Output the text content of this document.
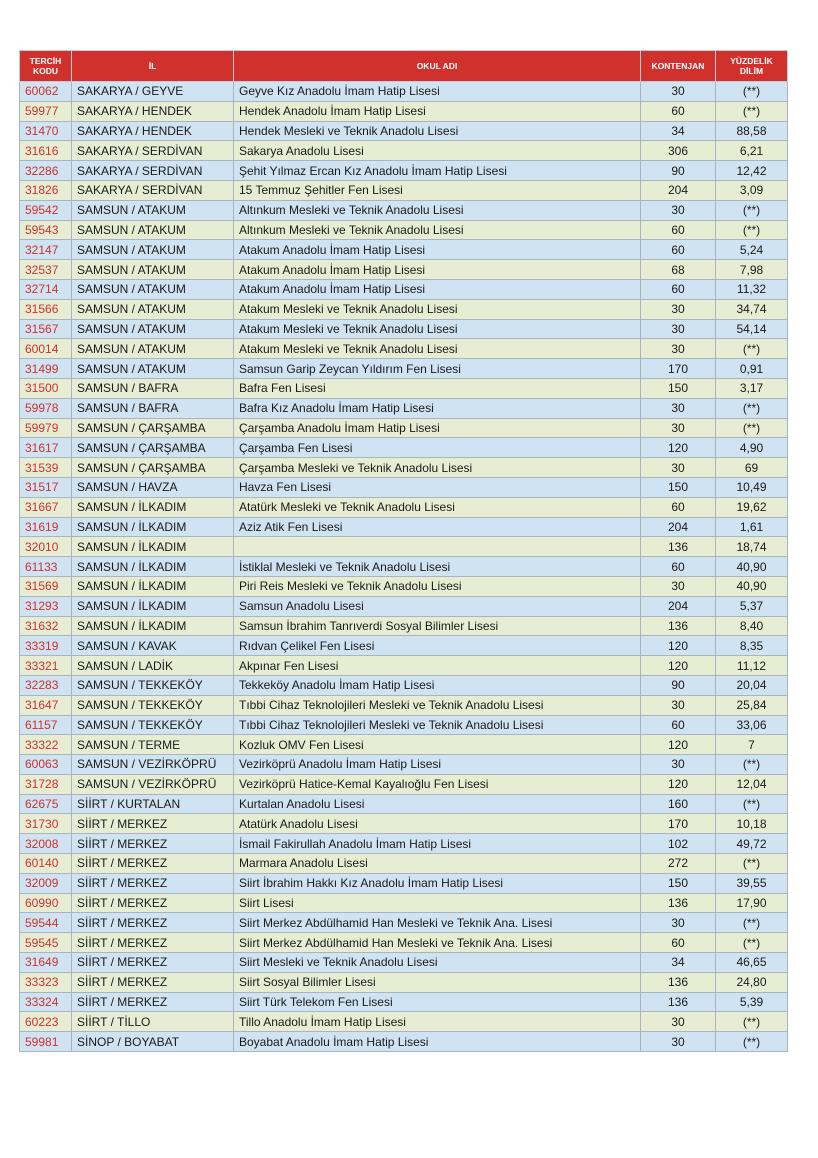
TERCİH
KODU	İL	OKUL ADI	KONTENJAN	YÜZDELİK
DİLİM

60062	SAKARYA / GEYVE	Geyve Kız Anadolu İmam Hatip Lisesi	30	(**)
59977	SAKARYA / HENDEK	Hendek Anadolu İmam Hatip Lisesi	60	(**)
31470	SAKARYA / HENDEK	Hendek Mesleki ve Teknik Anadolu Lisesi	34	88,58
31616	SAKARYA / SERDİVAN	Sakarya Anadolu Lisesi	306	6,21
32286	SAKARYA / SERDİVAN	Şehit Yılmaz Ercan Kız Anadolu İmam Hatip Lisesi	90	12,42
31826	SAKARYA / SERDİVAN	15 Temmuz Şehitler Fen Lisesi	204	3,09
59542	SAMSUN / ATAKUM	Altınkum Mesleki ve Teknik Anadolu Lisesi	30	(**)
59543	SAMSUN / ATAKUM	Altınkum Mesleki ve Teknik Anadolu Lisesi	60	(**)
32147	SAMSUN / ATAKUM	Atakum Anadolu İmam Hatip Lisesi	60	5,24
32537	SAMSUN / ATAKUM	Atakum Anadolu İmam Hatip Lisesi	68	7,98
32714	SAMSUN / ATAKUM	Atakum Anadolu İmam Hatip Lisesi	60	11,32
31566	SAMSUN / ATAKUM	Atakum Mesleki ve Teknik Anadolu Lisesi	30	34,74
31567	SAMSUN / ATAKUM	Atakum Mesleki ve Teknik Anadolu Lisesi	30	54,14
60014	SAMSUN / ATAKUM	Atakum Mesleki ve Teknik Anadolu Lisesi	30	(**)
31499	SAMSUN / ATAKUM	Samsun Garip Zeycan Yıldırım Fen Lisesi	170	0,91
31500	SAMSUN / BAFRA	Bafra Fen Lisesi	150	3,17
59978	SAMSUN / BAFRA	Bafra Kız Anadolu İmam Hatip Lisesi	30	(**)
59979	SAMSUN / ÇARŞAMBA	Çarşamba Anadolu İmam Hatip Lisesi	30	(**)
31617	SAMSUN / ÇARŞAMBA	Çarşamba Fen Lisesi	120	4,90
31539	SAMSUN / ÇARŞAMBA	Çarşamba Mesleki ve Teknik Anadolu Lisesi	30	69
31517	SAMSUN / HAVZA	Havza Fen Lisesi	150	10,49
31667	SAMSUN / İLKADIM	Atatürk Mesleki ve Teknik Anadolu Lisesi	60	19,62
31619	SAMSUN / İLKADIM	Aziz Atik Fen Lisesi	204	1,61
32010	SAMSUN / İLKADIM		136	18,74
61133	SAMSUN / İLKADIM	İstiklal Mesleki ve Teknik Anadolu Lisesi	60	40,90
31569	SAMSUN / İLKADIM	Piri Reis Mesleki ve Teknik Anadolu Lisesi	30	40,90
31293	SAMSUN / İLKADIM	Samsun Anadolu Lisesi	204	5,37
31632	SAMSUN / İLKADIM	Samsun İbrahim Tanrıverdi Sosyal Bilimler Lisesi	136	8,40
33319	SAMSUN / KAVAK	Rıdvan Çelikel Fen Lisesi	120	8,35
33321	SAMSUN / LADİK	Akpınar Fen Lisesi	120	11,12
32283	SAMSUN / TEKKEKÖY	Tekkeköy Anadolu İmam Hatip Lisesi	90	20,04
31647	SAMSUN / TEKKEKÖY	Tıbbi Cihaz Teknolojileri Mesleki ve Teknik Anadolu Lisesi	30	25,84
61157	SAMSUN / TEKKEKÖY	Tıbbi Cihaz Teknolojileri Mesleki ve Teknik Anadolu Lisesi	60	33,06
33322	SAMSUN / TERME	Kozluk OMV Fen Lisesi	120	7
60063	SAMSUN / VEZİRKÖPRÜ	Vezirköprü Anadolu İmam Hatip Lisesi	30	(**)
31728	SAMSUN / VEZİRKÖPRÜ	Vezirköprü Hatice-Kemal Kayalıoğlu Fen Lisesi	120	12,04
62675	SİİRT / KURTALAN	Kurtalan Anadolu Lisesi	160	(**)
31730	SİİRT / MERKEZ	Atatürk Anadolu Lisesi	170	10,18
32008	SİİRT / MERKEZ	İsmail Fakirullah Anadolu İmam Hatip Lisesi	102	49,72
60140	SİİRT / MERKEZ	Marmara Anadolu Lisesi	272	(**)
32009	SİİRT / MERKEZ	Siirt İbrahim Hakkı Kız Anadolu İmam Hatip Lisesi	150	39,55
60990	SİİRT / MERKEZ	Siirt Lisesi	136	17,90
59544	SİİRT / MERKEZ	Siirt Merkez Abdülhamid Han Mesleki ve Teknik Ana. Lisesi	30	(**)
59545	SİİRT / MERKEZ	Siirt Merkez Abdülhamid Han Mesleki ve Teknik Ana. Lisesi	60	(**)
31649	SİİRT / MERKEZ	Siirt Mesleki ve Teknik Anadolu Lisesi	34	46,65
33323	SİİRT / MERKEZ	Siirt Sosyal Bilimler Lisesi	136	24,80
33324	SİİRT / MERKEZ	Siirt Türk Telekom Fen Lisesi	136	5,39
60223	SİİRT / TİLLO	Tillo Anadolu İmam Hatip Lisesi	30	(**)
59981	SİNOP / BOYABAT	Boyabat Anadolu İmam Hatip Lisesi	30	(**)
